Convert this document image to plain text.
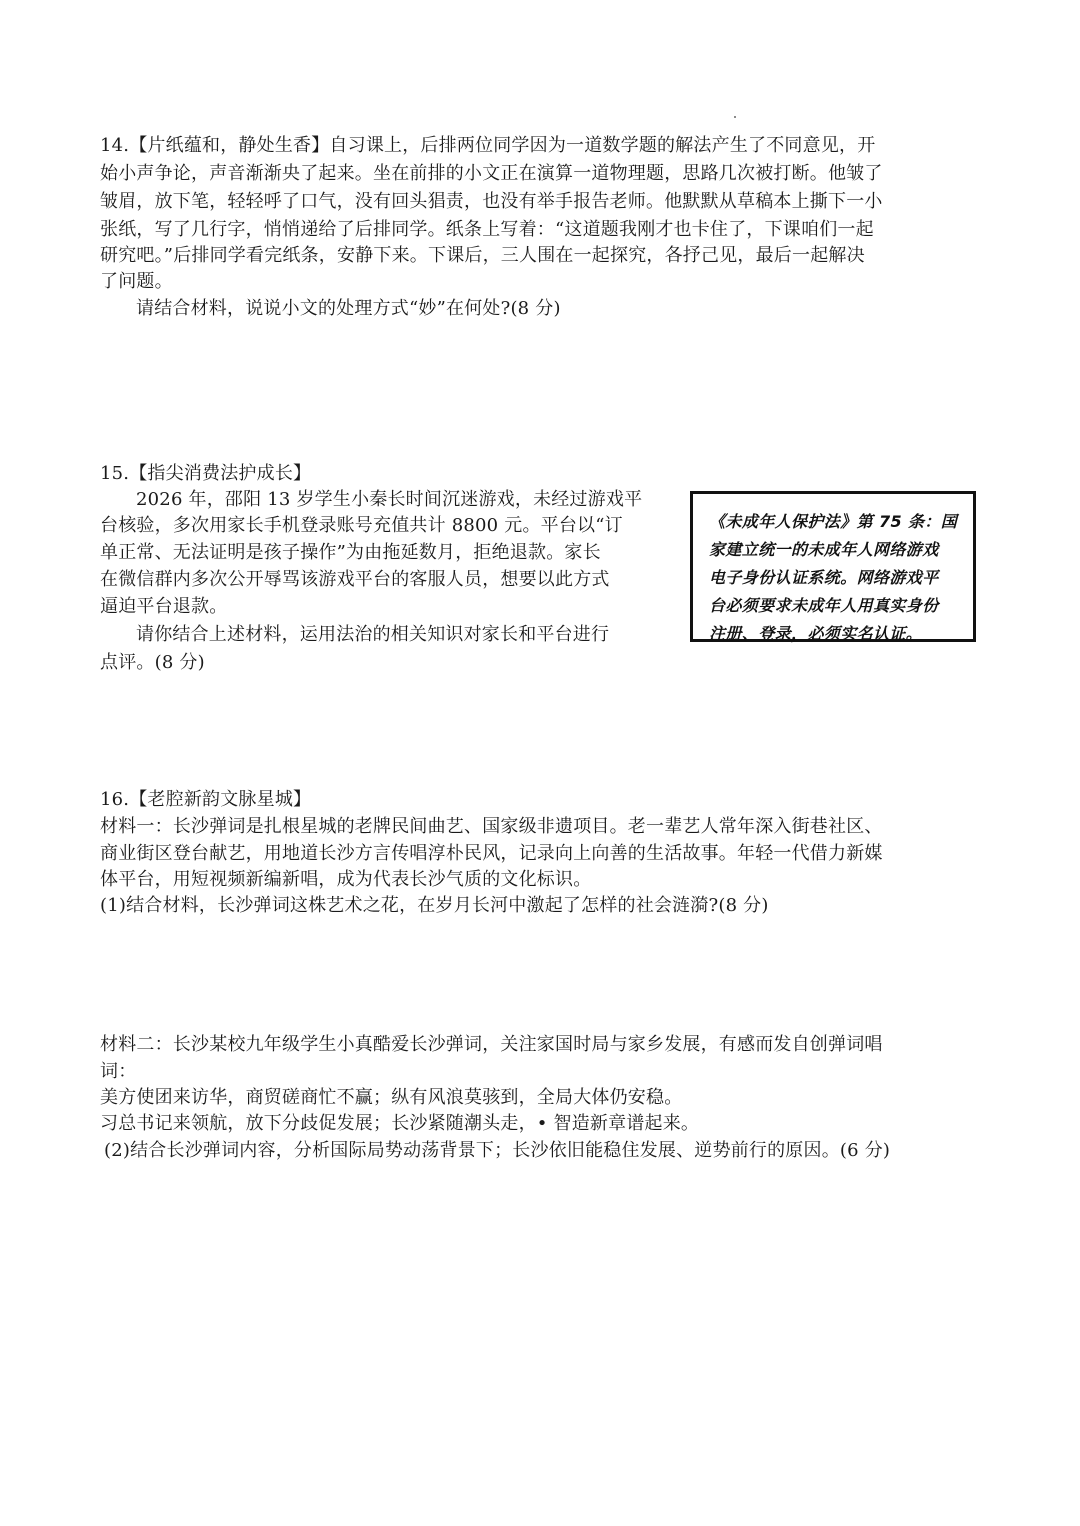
14.【片纸蕴和，静处生香】自习课上，后排两位同学因为一道数学题的解法产生了不同意见，开
始小声争论，声音渐渐央了起来。坐在前排的小文正在演算一道物理题，思路几次被打断。他皱了
皱眉，放下笔，轻轻呼了口气，没有回头猖责，也没有举手报告老师。他默默从草稿本上撕下一小
张纸，写了几行字，悄悄递给了后排同学。纸条上写着：“这道题我刚才也卡住了，下课咱们一起
研究吧。”后排同学看完纸条，安静下来。下课后，三人围在一起探究，各抒己见，最后一起解决
了问题。
请结合材料，说说小文的处理方式“妙”在何处?(8 分)
15.【指尖消费法护成长】
2026 年，邵阳 13 岁学生小秦长时间沉迷游戏，未经过游戏平
台核验，多次用家长手机登录账号充值共计 8800 元。平台以“订
单正常、无法证明是孩子操作”为由拖延数月，拒绝退款。家长
在微信群内多次公开辱骂该游戏平台的客服人员，想要以此方式
逼迫平台退款。
请你结合上述材料，运用法治的相关知识对家长和平台进行
点评。(8 分)
《未成年人保护法》第 75 条：国
家建立统一的未成年人网络游戏
电子身份认证系统。网络游戏平
台必须要求未成年人用真实身份
注册、登录，必须实名认证。
16.【老腔新韵文脉星城】
材料一：长沙弹词是扎根星城的老牌民间曲艺、国家级非遗项目。老一辈艺人常年深入街巷社区、
商业街区登台献艺，用地道长沙方言传唱淳朴民风，记录向上向善的生活故事。年轻一代借力新媒
体平台，用短视频新编新唱，成为代表长沙气质的文化标识。
(1)结合材料，长沙弹词这株艺术之花，在岁月长河中激起了怎样的社会涟漪?(8 分)
材料二：长沙某校九年级学生小真酷爱长沙弹词，关注家国时局与家乡发展，有感而发自创弹词唱
词：
美方使团来访华，商贸磋商忙不赢；纵有风浪莫骇到，全局大体仍安稳。
习总书记来领航，放下分歧促发展；长沙紧随潮头走，• 智造新章谱起来。
(2)结合长沙弹词内容，分析国际局势动荡背景下；长沙依旧能稳住发展、逆势前行的原因。(6 分)
